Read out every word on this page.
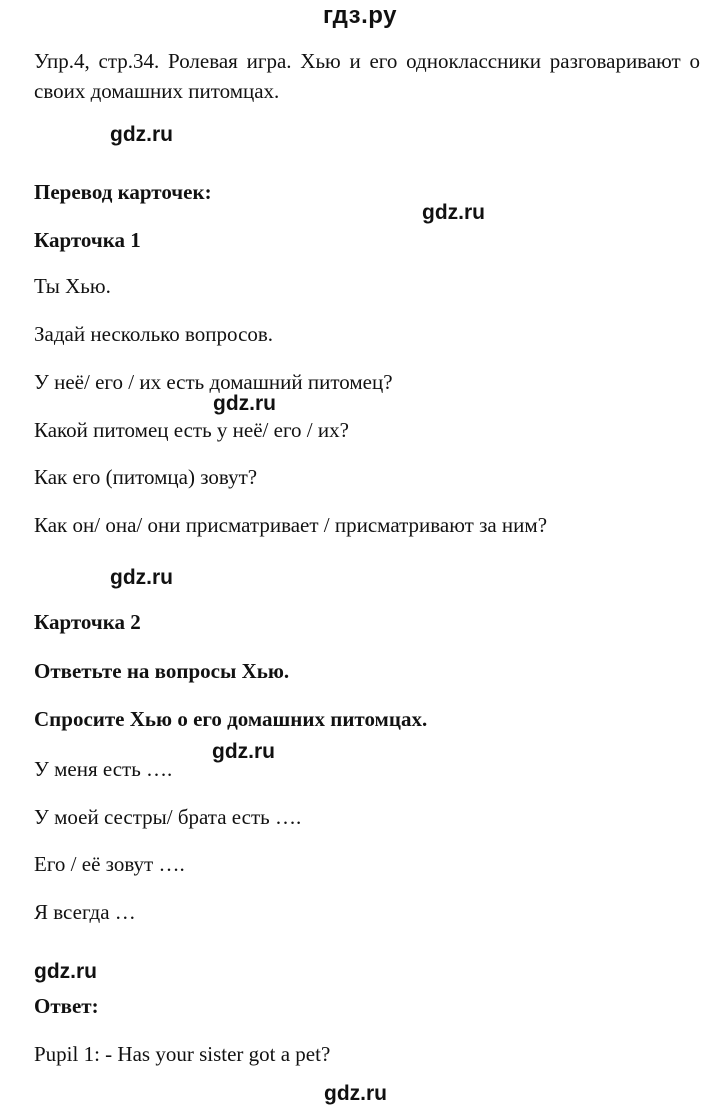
гдз.ру
Упр.4, стр.34. Ролевая игра. Хью и его одноклассники разговаривают о своих домашних питомцах.
gdz.ru
Перевод карточек:
gdz.ru
Карточка 1
Ты Хью.
Задай несколько вопросов.
У неё/ его / их есть домашний питомец?
gdz.ru
Какой питомец есть у неё/ его / их?
Как его (питомца) зовут?
Как он/ она/ они присматривает / присматривают за ним?
gdz.ru
Карточка 2
Ответьте на вопросы Хью.
Спросите Хью о его домашних питомцах.
gdz.ru
У меня есть ….
У моей сестры/ брата есть ….
Его / её зовут ….
Я всегда …
gdz.ru
Ответ:
Pupil 1: - Has your sister got a pet?
gdz.ru
